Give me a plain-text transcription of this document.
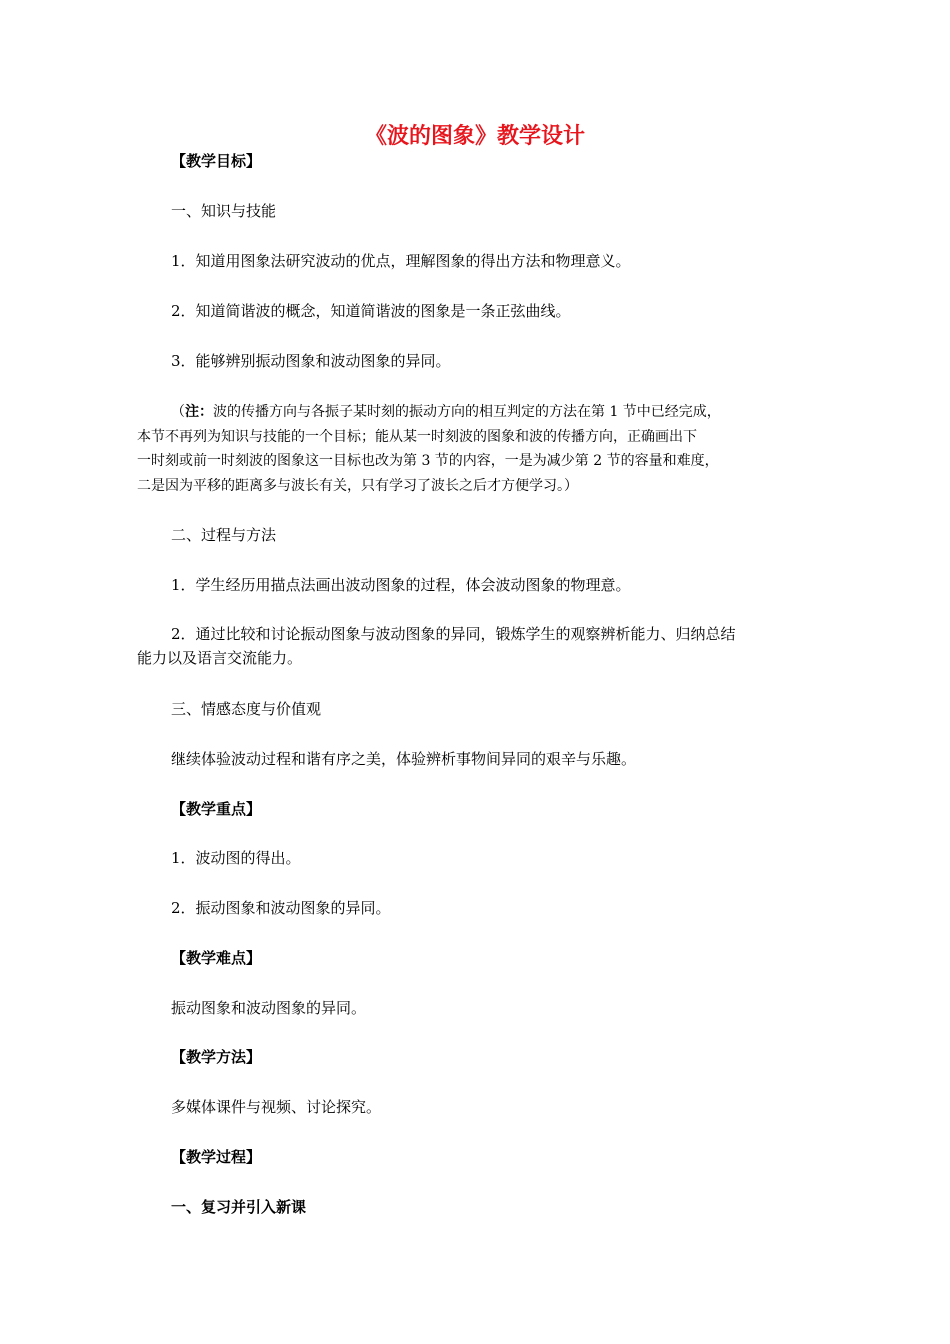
《波的图象》教学设计
【教学目标】
一、知识与技能
1．知道用图象法研究波动的优点，理解图象的得出方法和物理意义。
2．知道简谐波的概念，知道简谐波的图象是一条正弦曲线。
3．能够辨别振动图象和波动图象的异同。
（注：波的传播方向与各振子某时刻的振动方向的相互判定的方法在第 1 节中已经完成，
本节不再列为知识与技能的一个目标；能从某一时刻波的图象和波的传播方向，正确画出下
一时刻或前一时刻波的图象这一目标也改为第 3 节的内容，一是为减少第 2 节的容量和难度，
二是因为平移的距离多与波长有关，只有学习了波长之后才方便学习。）
二、过程与方法
1．学生经历用描点法画出波动图象的过程，体会波动图象的物理意。
2．通过比较和讨论振动图象与波动图象的异同，锻炼学生的观察辨析能力、归纳总结
能力以及语言交流能力。
三、情感态度与价值观
继续体验波动过程和谐有序之美，体验辨析事物间异同的艰辛与乐趣。
【教学重点】
1．波动图的得出。
2．振动图象和波动图象的异同。
【教学难点】
振动图象和波动图象的异同。
【教学方法】
多媒体课件与视频、讨论探究。
【教学过程】
一、复习并引入新课
